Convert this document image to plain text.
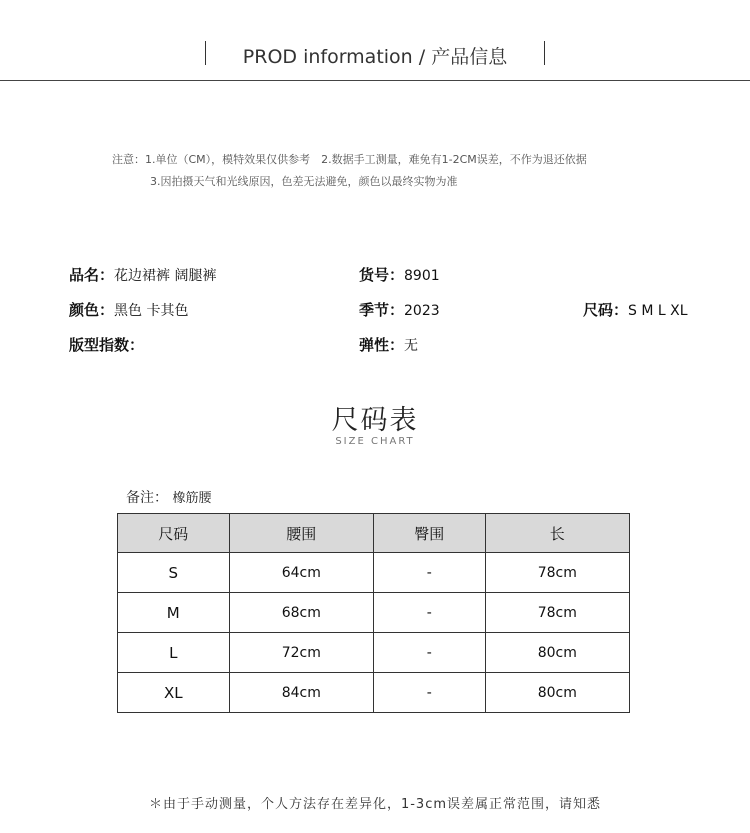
PROD information / 产品信息
注意：1.单位（CM），模特效果仅供参考　2.数据手工测量，难免有1-2CM误差，不作为退还依据
3.因拍摄天气和光线原因，色差无法避免，颜色以最终实物为准
品名：花边裙裤 阔腿裤	货号：8901
颜色：黑色 卡其色	季节：2023	尺码：S M L XL
版型指数：	弹性：无
尺码表
SIZE CHART
备注： 橡筋腰
尺码	腰围	臀围	长
S	64cm	-	78cm
M	68cm	-	78cm
L	72cm	-	80cm
XL	84cm	-	80cm
＊由于手动测量，个人方法存在差异化，1-3cm误差属正常范围，请知悉
